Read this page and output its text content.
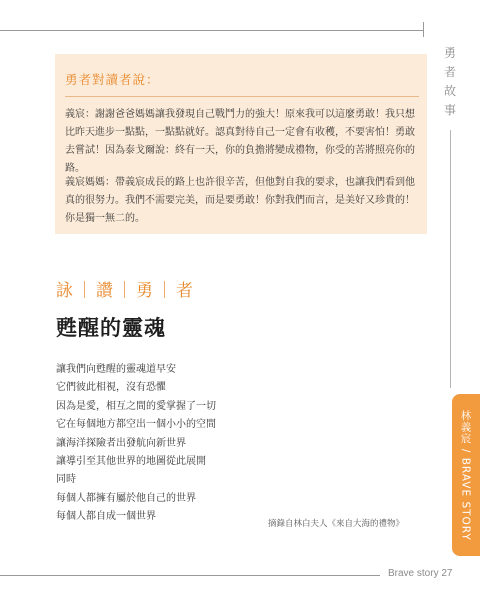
勇者故事
林義宸 / BRAVE STORY
勇者對讀者說：
義宸：謝謝爸爸媽媽讓我發現自己戰鬥力的強大！原來我可以這麼勇敢！我只想比昨天進步一點點，一點點就好。認真對待自己一定會有收穫，不要害怕！勇敢去嘗試！因為泰戈爾說：終有一天，你的負擔將變成禮物，你受的苦將照亮你的路。
義宸媽媽：帶義宸成長的路上也許很辛苦，但他對自我的要求，也讓我們看到他真的很努力。我們不需要完美，而是要勇敢！你對我們而言，是美好又珍貴的！你是獨一無二的。
詠｜讚｜勇｜者
甦醒的靈魂
讓我們向甦醒的靈魂道早安
它們彼此相視，沒有恐懼
因為是愛，相互之間的愛掌握了一切
它在每個地方都空出一個小小的空間
讓海洋探險者出發航向新世界
讓導引至其他世界的地圖從此展開
同時
每個人都擁有屬於他自己的世界
每個人都自成一個世界
摘錄自林白夫人《來自大海的禮物》
Brave story 27
